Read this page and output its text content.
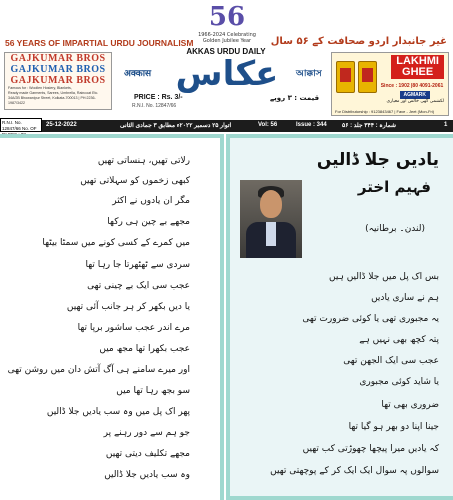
56
1966-2024 Celebrating Golden Jubilee Year
56 YEARS OF IMPARTIAL URDU JOURNALISM	غیر جانبدار اردو صحافت کے ۵۶ سال
GAJKUMAR BROS
GAJKUMAR BROS
GAJKUMAR BROS
Famous for : Woollen Hosiery, Blankets,
Ready made Garments, Sarees, Umbrella, Raincoat Etc.
34A/2B Bhowanipur Street, Kolkata-700013 | PH:2236-1987/3422
AKKAS URDU DAILY
अक्कास عکاس	আক্কাস
PRICE : Rs. 3/-	قیمت : ۳ روپے
LAKHMI
GHEE
Since : 1902 |80 4091-2061
AGMARK
لکشمی گھی خالص اور معیاری
For Distributorship : 9123843467 | Fave - Jeet (Mon-Fri)
25-12-2022	اتوار ۲۵ دسمبر ۲۰۲۲ء مطابق ۳ جمادی الثانی	Vol: 56	Issue : 344	شمارہ : ۳۴۴ جلد : ۵۶	1
R.N.I. No. 12847/66 No. OF
یادیں جلا ڈالیں
فہیم اختر
(لندن۔ برطانیہ)
بس اک پل میں جلا ڈالیں ہیں
ہم نے ساری یادیں
یہ مجبوری تھی یا کوئی ضرورت تھی
پتہ کچھ بھی نہیں ہے
عجب سی ایک الجھن تھی
یا شاید کوئی مجبوری
ضروری بھی تھا
جینا اپنا دو بھر ہو گیا تھا
کہ یادیں میرا پیچھا چھوڑتی کب تھیں
سوالوں پہ سوال ایک ایک کر کے پوچھتی تھیں
رلاتی تھیں، ہنساتی تھیں
کبھی زخموں کو سہلاتی تھیں
مگر ان یادوں نے اکثر
مجھے بے چین ہی رکھا
میں کمرے کے کسی کونے میں سمٹا بیٹھا
سردی سے ٹھٹھرتا جا رہا تھا
عجب سی ایک بے چینی تھی
یا دیں بکھر کر ہر جانب آئی تھیں
مرے اندر عجب ساشور برپا تھا
عجب بکھرا تھا مجھ میں
اور میرے سامنے ہی آگ آتش دان میں روشن تھی
سو بجھ رہا تھا میں
پھر اک پل میں وہ سب یادیں جلا ڈالیں
جو ہم سے دور رہنے پر
مجھے تکلیف دیتی تھیں
وہ سب یادیں جلا ڈالیں
R.N.I. No. 12847/66
